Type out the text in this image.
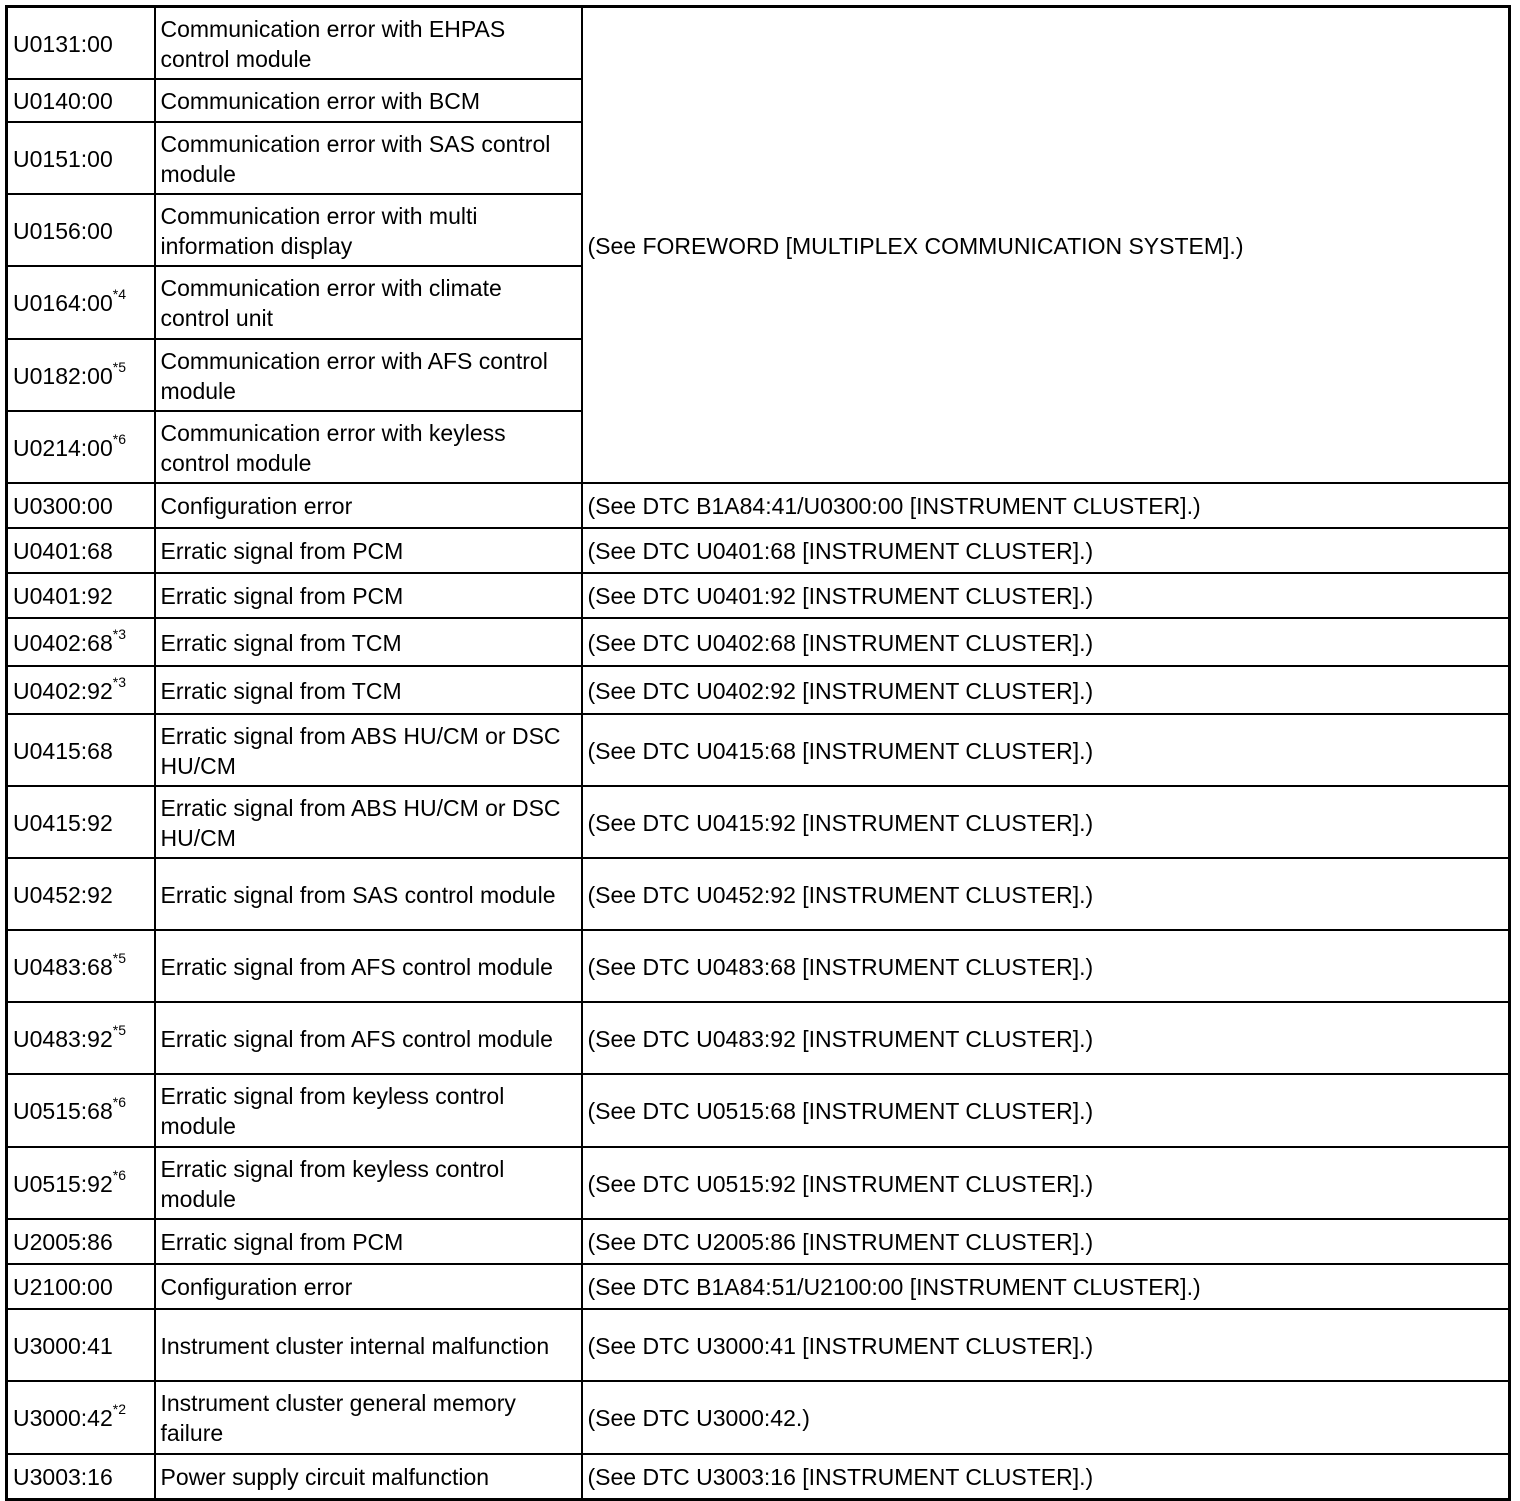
U0131:00	Communication error with EHPAS control module	(See FOREWORD [MULTIPLEX COMMUNICATION SYSTEM].)
U0140:00	Communication error with BCM	
U0151:00	Communication error with SAS control module	
U0156:00	Communication error with multi information display	
U0164:00$^{*4}$	Communication error with climate control unit	
U0182:00$^{*5}$	Communication error with AFS control module	
U0214:00$^{*6}$	Communication error with keyless control module	
U0300:00	Configuration error	(See DTC B1A84:41/U0300:00 [INSTRUMENT CLUSTER].)
U0401:68	Erratic signal from PCM	(See DTC U0401:68 [INSTRUMENT CLUSTER].)
U0401:92	Erratic signal from PCM	(See DTC U0401:92 [INSTRUMENT CLUSTER].)
U0402:68$^{*3}$	Erratic signal from TCM	(See DTC U0402:68 [INSTRUMENT CLUSTER].)
U0402:92$^{*3}$	Erratic signal from TCM	(See DTC U0402:92 [INSTRUMENT CLUSTER].)
U0415:68	Erratic signal from ABS HU/CM or DSC HU/CM	(See DTC U0415:68 [INSTRUMENT CLUSTER].)
U0415:92	Erratic signal from ABS HU/CM or DSC HU/CM	(See DTC U0415:92 [INSTRUMENT CLUSTER].)
U0452:92	Erratic signal from SAS control module	(See DTC U0452:92 [INSTRUMENT CLUSTER].)
U0483:68$^{*5}$	Erratic signal from AFS control module	(See DTC U0483:68 [INSTRUMENT CLUSTER].)
U0483:92$^{*5}$	Erratic signal from AFS control module	(See DTC U0483:92 [INSTRUMENT CLUSTER].)
U0515:68$^{*6}$	Erratic signal from keyless control module	(See DTC U0515:68 [INSTRUMENT CLUSTER].)
U0515:92$^{*6}$	Erratic signal from keyless control module	(See DTC U0515:92 [INSTRUMENT CLUSTER].)
U2005:86	Erratic signal from PCM	(See DTC U2005:86 [INSTRUMENT CLUSTER].)
U2100:00	Configuration error	(See DTC B1A84:51/U2100:00 [INSTRUMENT CLUSTER].)
U3000:41	Instrument cluster internal malfunction	(See DTC U3000:41 [INSTRUMENT CLUSTER].)
U3000:42$^{*2}$	Instrument cluster general memory failure	(See DTC U3000:42.)
U3003:16	Power supply circuit malfunction	(See DTC U3003:16 [INSTRUMENT CLUSTER].)
